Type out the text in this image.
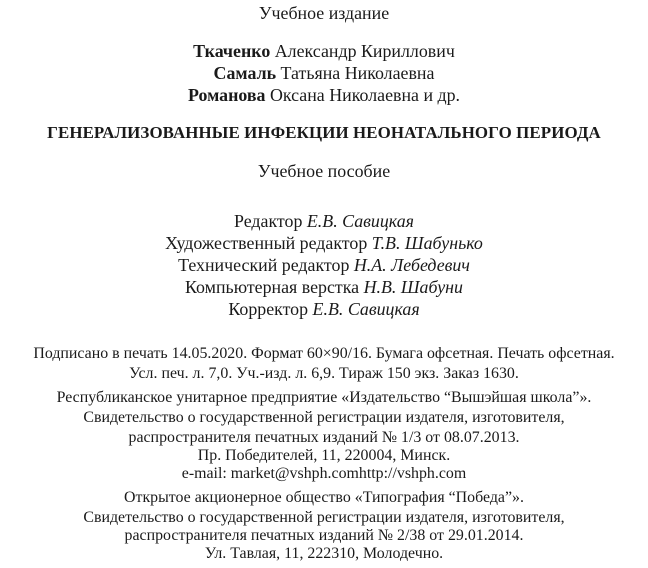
Учебное издание
Ткаченко Александр Кириллович
Самаль Татьяна Николаевна
Романова Оксана Николаевна и др.
ГЕНЕРАЛИЗОВАННЫЕ ИНФЕКЦИИ НЕОНАТАЛЬНОГО ПЕРИОДА
Учебное пособие
Редактор Е.В. Савицкая
Художественный редактор Т.В. Шабунько
Технический редактор Н.А. Лебедевич
Компьютерная верстка Н.В. Шабуни
Корректор Е.В. Савицкая
Подписано в печать 14.05.2020. Формат 60×90/16. Бумага офсетная. Печать офсетная.
Усл. печ. л. 7,0. Уч.-изд. л. 6,9. Тираж 150 экз. Заказ 1630.
Республиканское унитарное предприятие «Издательство “Вышэйшая школа”».
Свидетельство о государственной регистрации издателя, изготовителя,
распространителя печатных изданий № 1/3 от 08.07.2013.
Пр. Победителей, 11, 220004, Минск.
e-mail: market@vshph.comhttp://vshph.com
Открытое акционерное общество «Типография “Победа”».
Свидетельство о государственной регистрации издателя, изготовителя,
распространителя печатных изданий № 2/38 от 29.01.2014.
Ул. Тавлая, 11, 222310, Молодечно.
